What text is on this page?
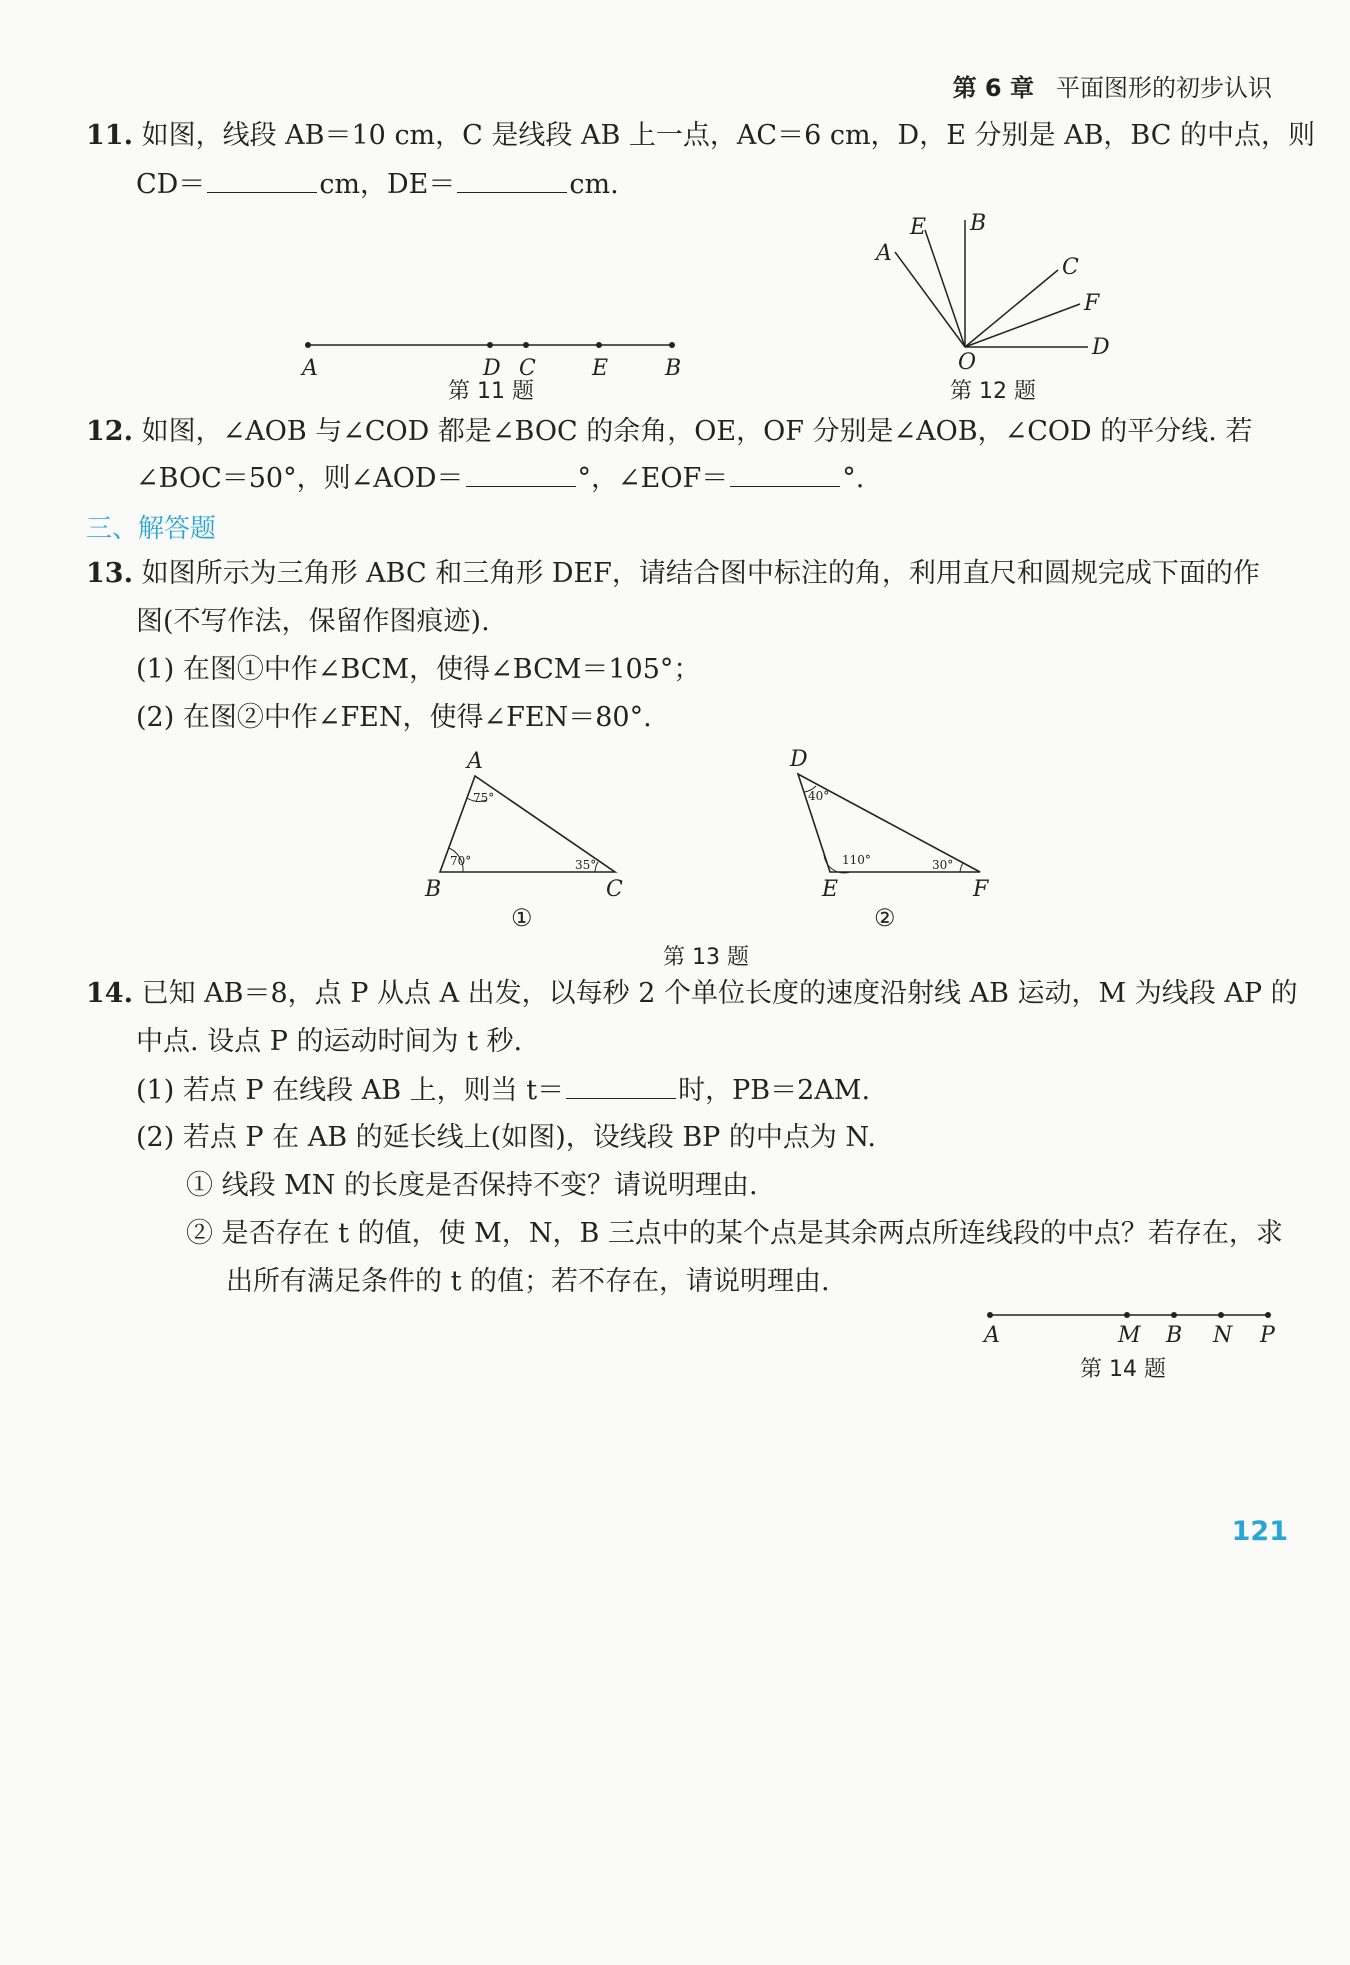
第 6 章 平面图形的初步认识
11. 如图，线段 AB＝10 cm，C 是线段 AB 上一点，AC＝6 cm，D，E 分别是 AB，BC 的中点，则
CD＝	cm，DE＝	cm.
A	D C	E	B
第 11 题
A
E B
C
F
D
O
第 12 题
12. 如图，∠AOB 与∠COD 都是∠BOC 的余角，OE，OF 分别是∠AOB，∠COD 的平分线. 若
∠BOC＝50°，则∠AOD＝	°，∠EOF＝	°.
三、解答题
13. 如图所示为三角形 ABC 和三角形 DEF，请结合图中标注的角，利用直尺和圆规完成下面的作
图(不写作法，保留作图痕迹).
(1) 在图①中作∠BCM，使得∠BCM＝105°；
(2) 在图②中作∠FEN，使得∠FEN＝80°.
A
B	C
75°
70°	35°
①
D
E	F
40°
110°	30°
②
第 13 题
14. 已知 AB＝8，点 P 从点 A 出发，以每秒 2 个单位长度的速度沿射线 AB 运动，M 为线段 AP 的
中点. 设点 P 的运动时间为 t 秒.
(1) 若点 P 在线段 AB 上，则当 t＝	时，PB＝2AM.
(2) 若点 P 在 AB 的延长线上(如图)，设线段 BP 的中点为 N.
① 线段 MN 的长度是否保持不变？请说明理由.
② 是否存在 t 的值，使 M，N，B 三点中的某个点是其余两点所连线段的中点？若存在，求
出所有满足条件的 t 的值；若不存在，请说明理由.
A	M B N P
第 14 题
121
